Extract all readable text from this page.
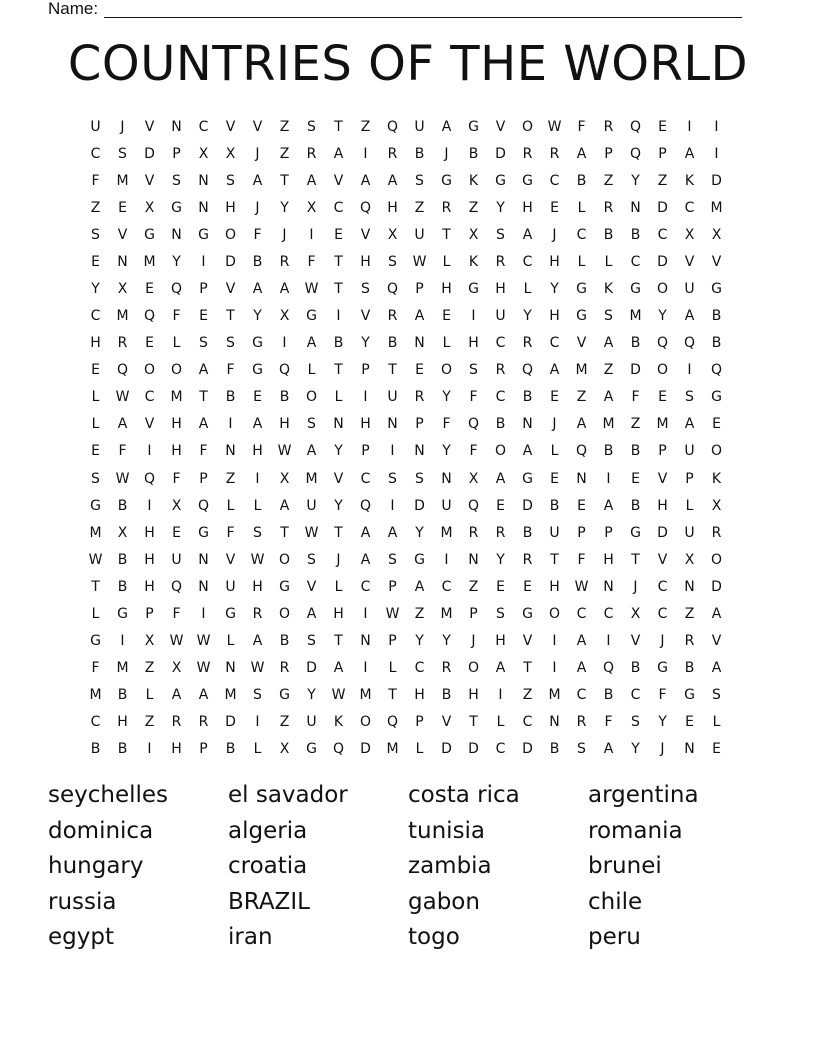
Name:
COUNTRIES OF THE WORLD
U	J	V	N	C	V	V	Z	S	T	Z	Q	U	A	G	V	O	W	F	R	Q	E	I	I
C	S	D	P	X	X	J	Z	R	A	I	R	B	J	B	D	R	R	A	P	Q	P	A	I
F	M	V	S	N	S	A	T	A	V	A	A	S	G	K	G	G	C	B	Z	Y	Z	K	D
Z	E	X	G	N	H	J	Y	X	C	Q	H	Z	R	Z	Y	H	E	L	R	N	D	C	M
S	V	G	N	G	O	F	J	I	E	V	X	U	T	X	S	A	J	C	B	B	C	X	X
E	N	M	Y	I	D	B	R	F	T	H	S	W	L	K	R	C	H	L	L	C	D	V	V
Y	X	E	Q	P	V	A	A	W	T	S	Q	P	H	G	H	L	Y	G	K	G	O	U	G
C	M	Q	F	E	T	Y	X	G	I	V	R	A	E	I	U	Y	H	G	S	M	Y	A	B
H	R	E	L	S	S	G	I	A	B	Y	B	N	L	H	C	R	C	V	A	B	Q	Q	B
E	Q	O	O	A	F	G	Q	L	T	P	T	E	O	S	R	Q	A	M	Z	D	O	I	Q
L	W	C	M	T	B	E	B	O	L	I	U	R	Y	F	C	B	E	Z	A	F	E	S	G
L	A	V	H	A	I	A	H	S	N	H	N	P	F	Q	B	N	J	A	M	Z	M	A	E
E	F	I	H	F	N	H	W	A	Y	P	I	N	Y	F	O	A	L	Q	B	B	P	U	O
S	W	Q	F	P	Z	I	X	M	V	C	S	S	N	X	A	G	E	N	I	E	V	P	K
G	B	I	X	Q	L	L	A	U	Y	Q	I	D	U	Q	E	D	B	E	A	B	H	L	X
M	X	H	E	G	F	S	T	W	T	A	A	Y	M	R	R	B	U	P	P	G	D	U	R
W	B	H	U	N	V	W	O	S	J	A	S	G	I	N	Y	R	T	F	H	T	V	X	O
T	B	H	Q	N	U	H	G	V	L	C	P	A	C	Z	E	E	H	W	N	J	C	N	D
L	G	P	F	I	G	R	O	A	H	I	W	Z	M	P	S	G	O	C	C	X	C	Z	A
G	I	X	W W	L	A	B	S	T	N	P	Y	Y	J	H	V	I	A	I	V	J	R	V
F	M	Z	X	W	N	W	R	D	A	I	L	C	R	O	A	T	I	A	Q	B	G	B	A
M	B	L	A	A	M	S	G	Y	W	M	T	H	B	H	I	Z	M	C	B	C	F	G	S
C	H	Z	R	R	D	I	Z	U	K	O	Q	P	V	T	L	C	N	R	F	S	Y	E	L
B	B	I	H	P	B	L	X	G	Q	D	M	L	D	D	C	D	B	S	A	Y	J	N	E
seychelles	el savador	costa rica	argentina
dominica	algeria	tunisia	romania
hungary	croatia	zambia	brunei
russia	BRAZIL	gabon	chile
egypt	iran	togo	peru
